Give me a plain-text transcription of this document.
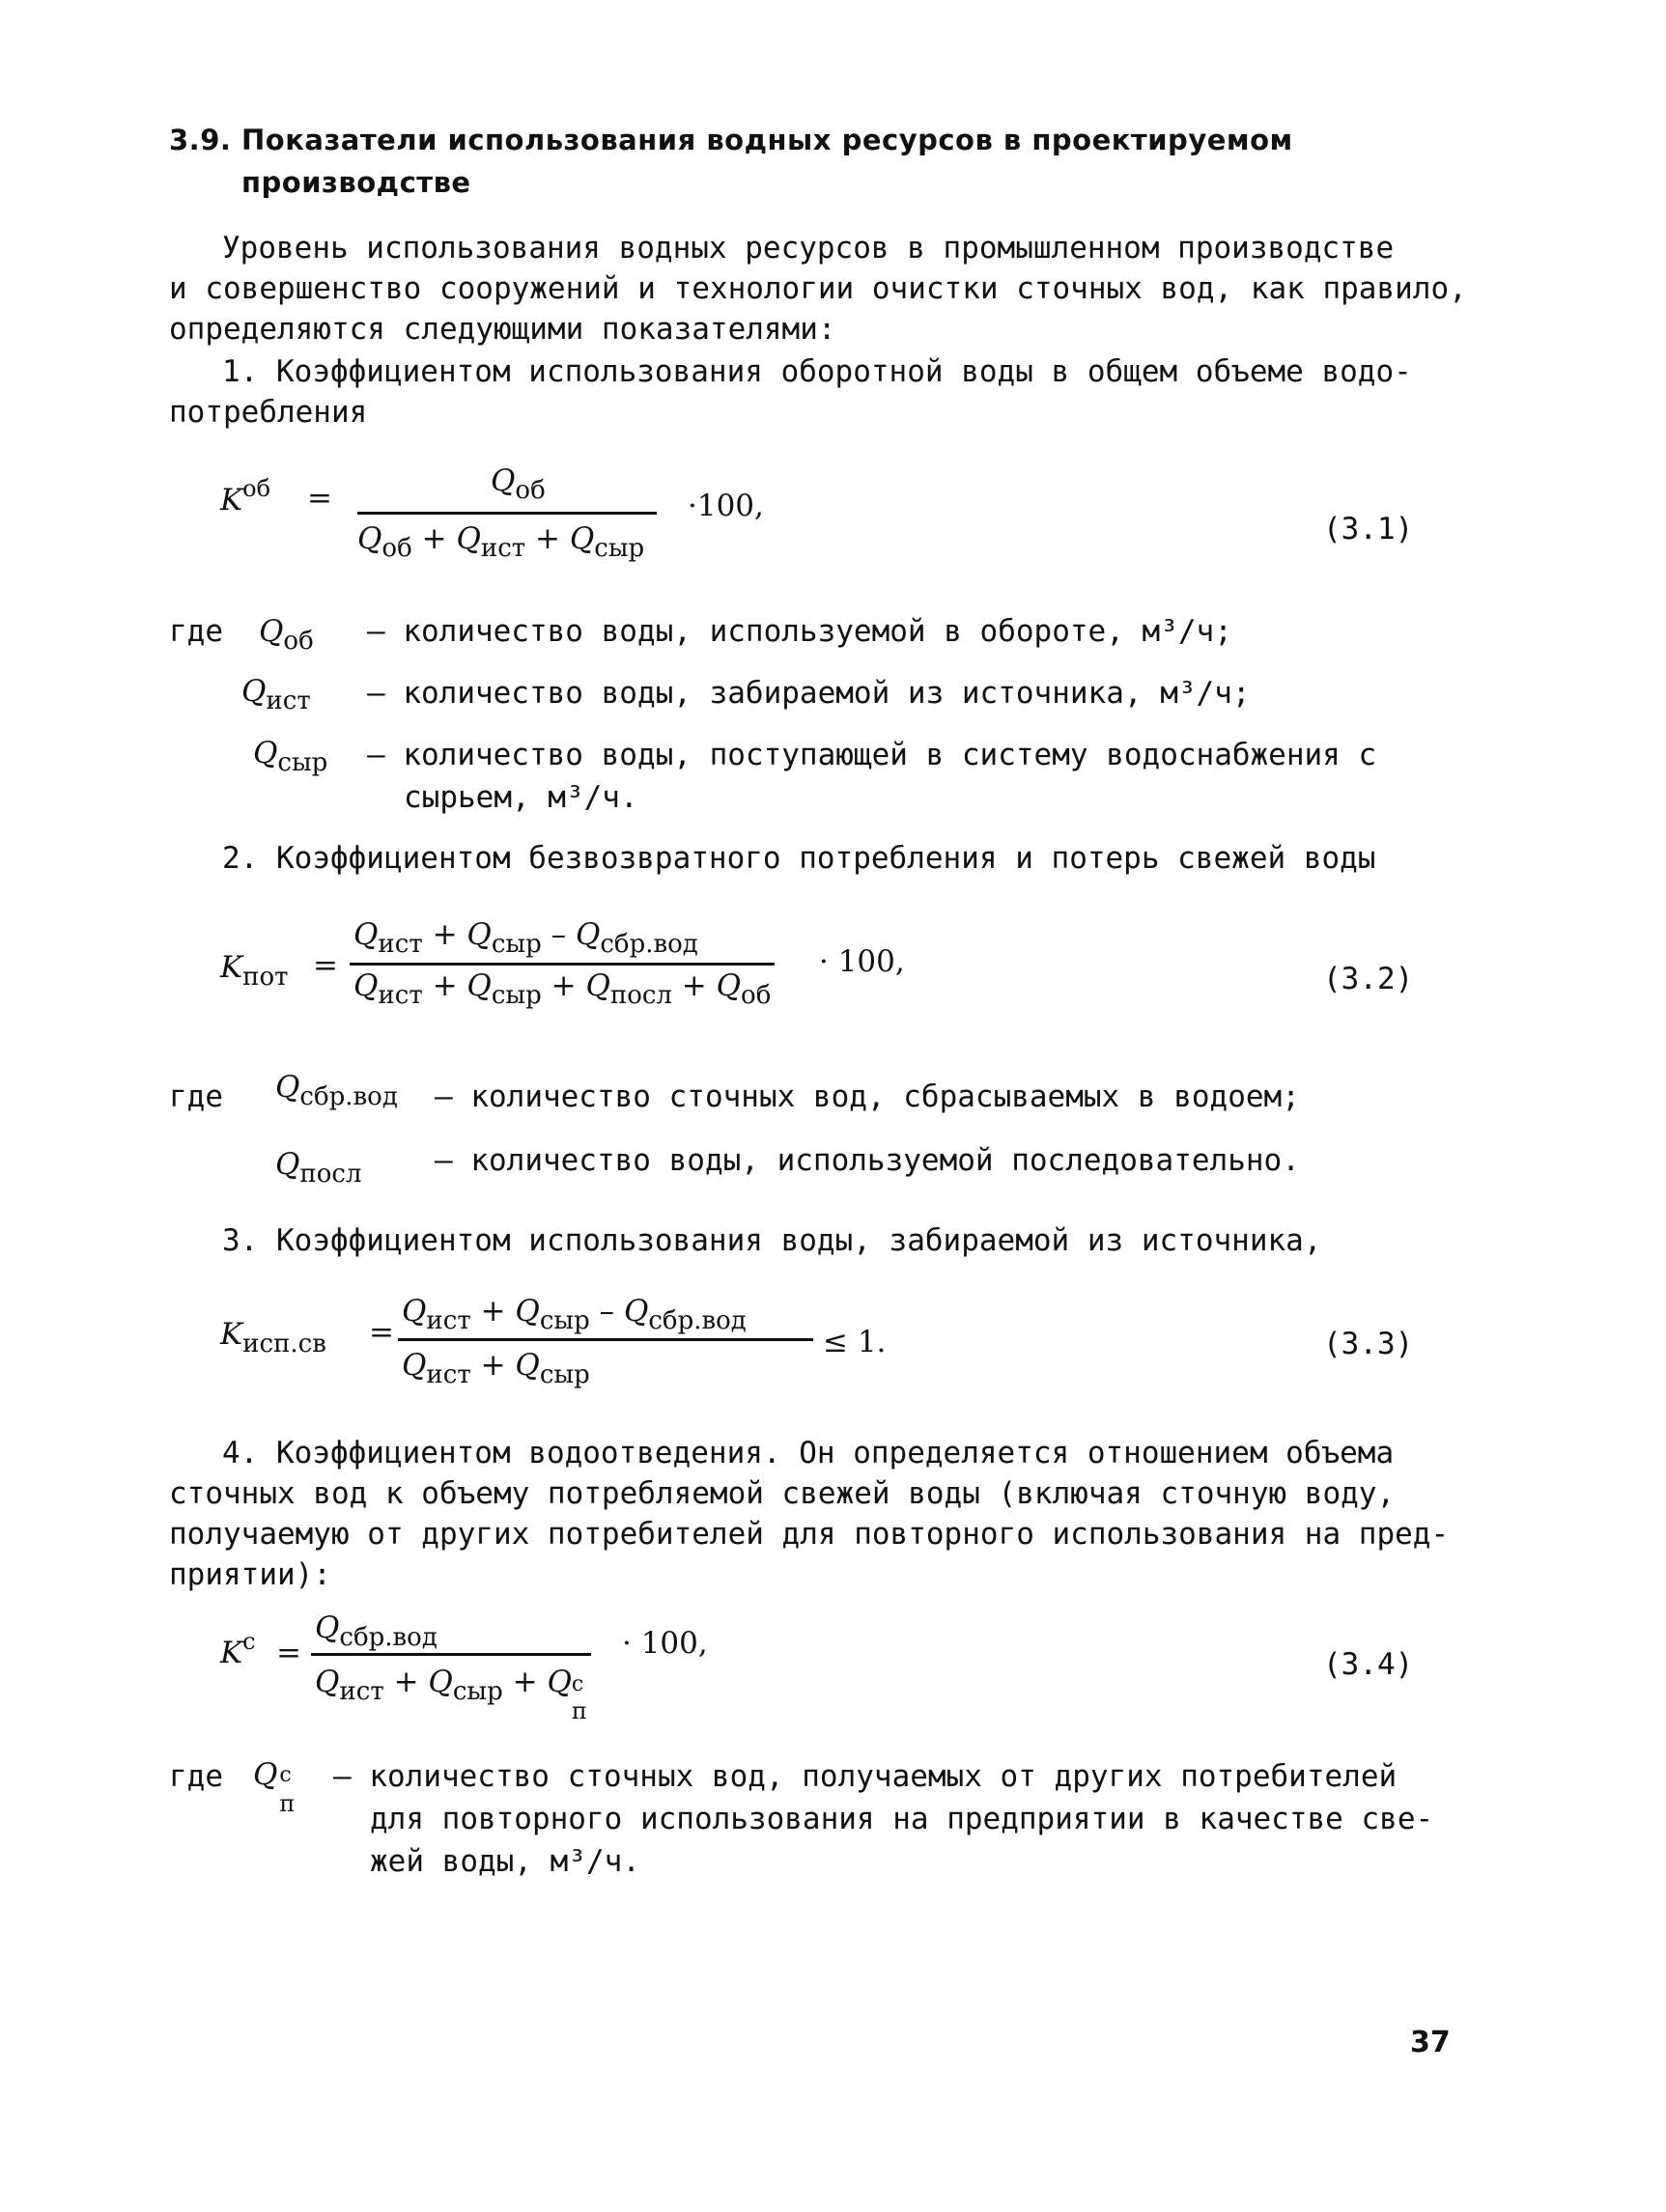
3.9. Показатели использования водных ресурсов в проектируемом
производстве
Уровень использования водных ресурсов в промышленном производстве
и совершенство сооружений и технологии очистки сточных вод, как правило,
определяются следующими показателями:
1. Коэффициентом использования оборотной воды в общем объеме водо-
потребления
$K^{об}$ =	$Q_{об}$
$Q_{об} + Q_{ист} + Q_{сыр}$
·100,
(3.1)
где $Q_{об}$ – количество воды, используемой в обороте, м³/ч;
$Q_{ист}$ – количество воды, забираемой из источника, м³/ч;
$Q_{сыр}$ – количество воды, поступающей в систему водоснабжения с
сырьем, м³/ч.
2. Коэффициентом безвозвратного потребления и потерь свежей воды
$K_{пот}$ =
$Q_{ист} + Q_{сыр} - Q_{сбр.вод}$
$Q_{ист} + Q_{сыр} + Q_{посл} + Q_{об}$
· 100,	(3.2)
где $Q_{сбр.вод}$ – количество сточных вод, сбрасываемых в водоем;
$Q_{посл}$ – количество воды, используемой последовательно.
3. Коэффициентом использования воды, забираемой из источника,
$K_{исп.св}$ =
$Q_{ист} + Q_{сыр} - Q_{сбр.вод}$
$Q_{ист} + Q_{сыр}$
≤ 1.	(3.3)
4. Коэффициентом водоотведения. Он определяется отношением объема
сточных вод к объему потребляемой свежей воды (включая сточную воду,
получаемую от других потребителей для повторного использования на пред-
приятии):
$K^с$ =
$Q_{сбр.вод}$
$Q_{ист} + Q_{сыр} + Q$ с
п
· 100,
(3.4)
где Q с
п
– количество сточных вод, получаемых от других потребителей
для повторного использования на предприятии в качестве све-
жей воды, м³/ч.
37
